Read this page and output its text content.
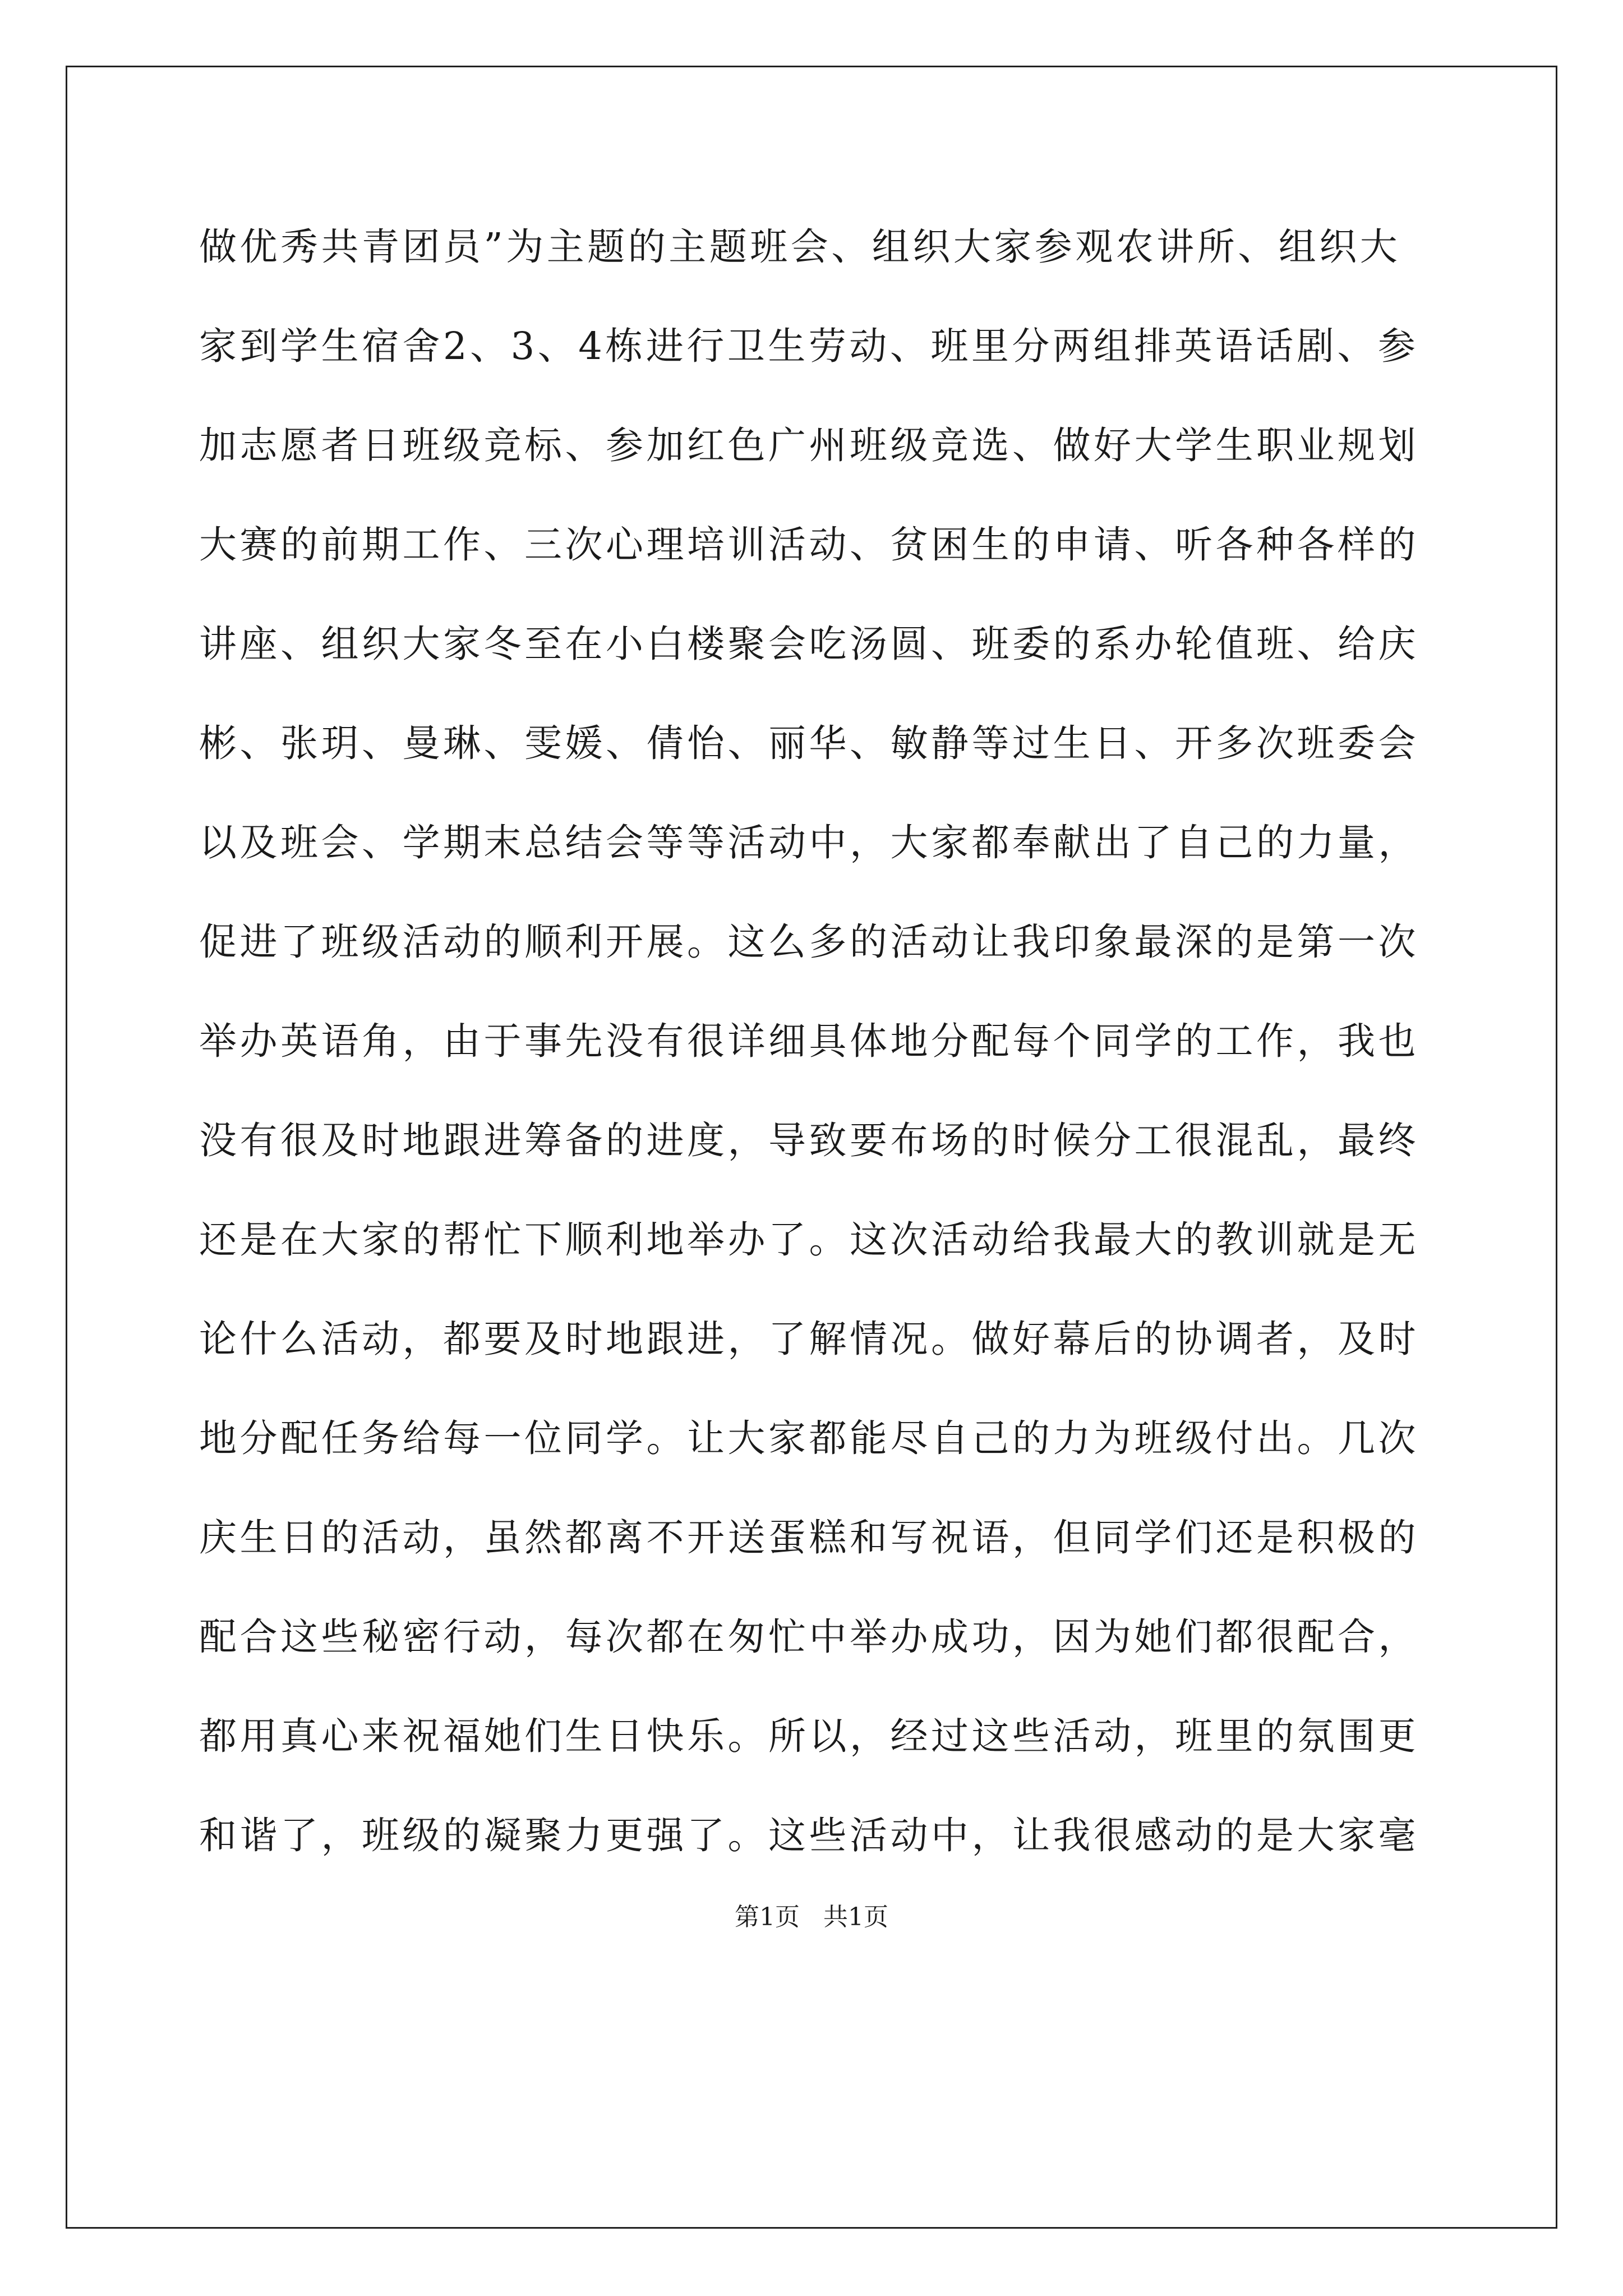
做优秀共青团员”为主题的主题班会、组织大家参观农讲所、组织大
家到学生宿舍2、3、4栋进行卫生劳动、班里分两组排英语话剧、参
加志愿者日班级竞标、参加红色广州班级竞选、做好大学生职业规划
大赛的前期工作、三次心理培训活动、贫困生的申请、听各种各样的
讲座、组织大家冬至在小白楼聚会吃汤圆、班委的系办轮值班、给庆
彬、张玥、曼琳、雯媛、倩怡、丽华、敏静等过生日、开多次班委会
以及班会、学期末总结会等等活动中，大家都奉献出了自己的力量，
促进了班级活动的顺利开展。这么多的活动让我印象最深的是第一次
举办英语角，由于事先没有很详细具体地分配每个同学的工作，我也
没有很及时地跟进筹备的进度，导致要布场的时候分工很混乱，最终
还是在大家的帮忙下顺利地举办了。这次活动给我最大的教训就是无
论什么活动，都要及时地跟进，了解情况。做好幕后的协调者，及时
地分配任务给每一位同学。让大家都能尽自己的力为班级付出。几次
庆生日的活动，虽然都离不开送蛋糕和写祝语，但同学们还是积极的
配合这些秘密行动，每次都在匆忙中举办成功，因为她们都很配合，
都用真心来祝福她们生日快乐。所以，经过这些活动，班里的氛围更
和谐了，班级的凝聚力更强了。这些活动中，让我很感动的是大家毫
第1页   共1页
